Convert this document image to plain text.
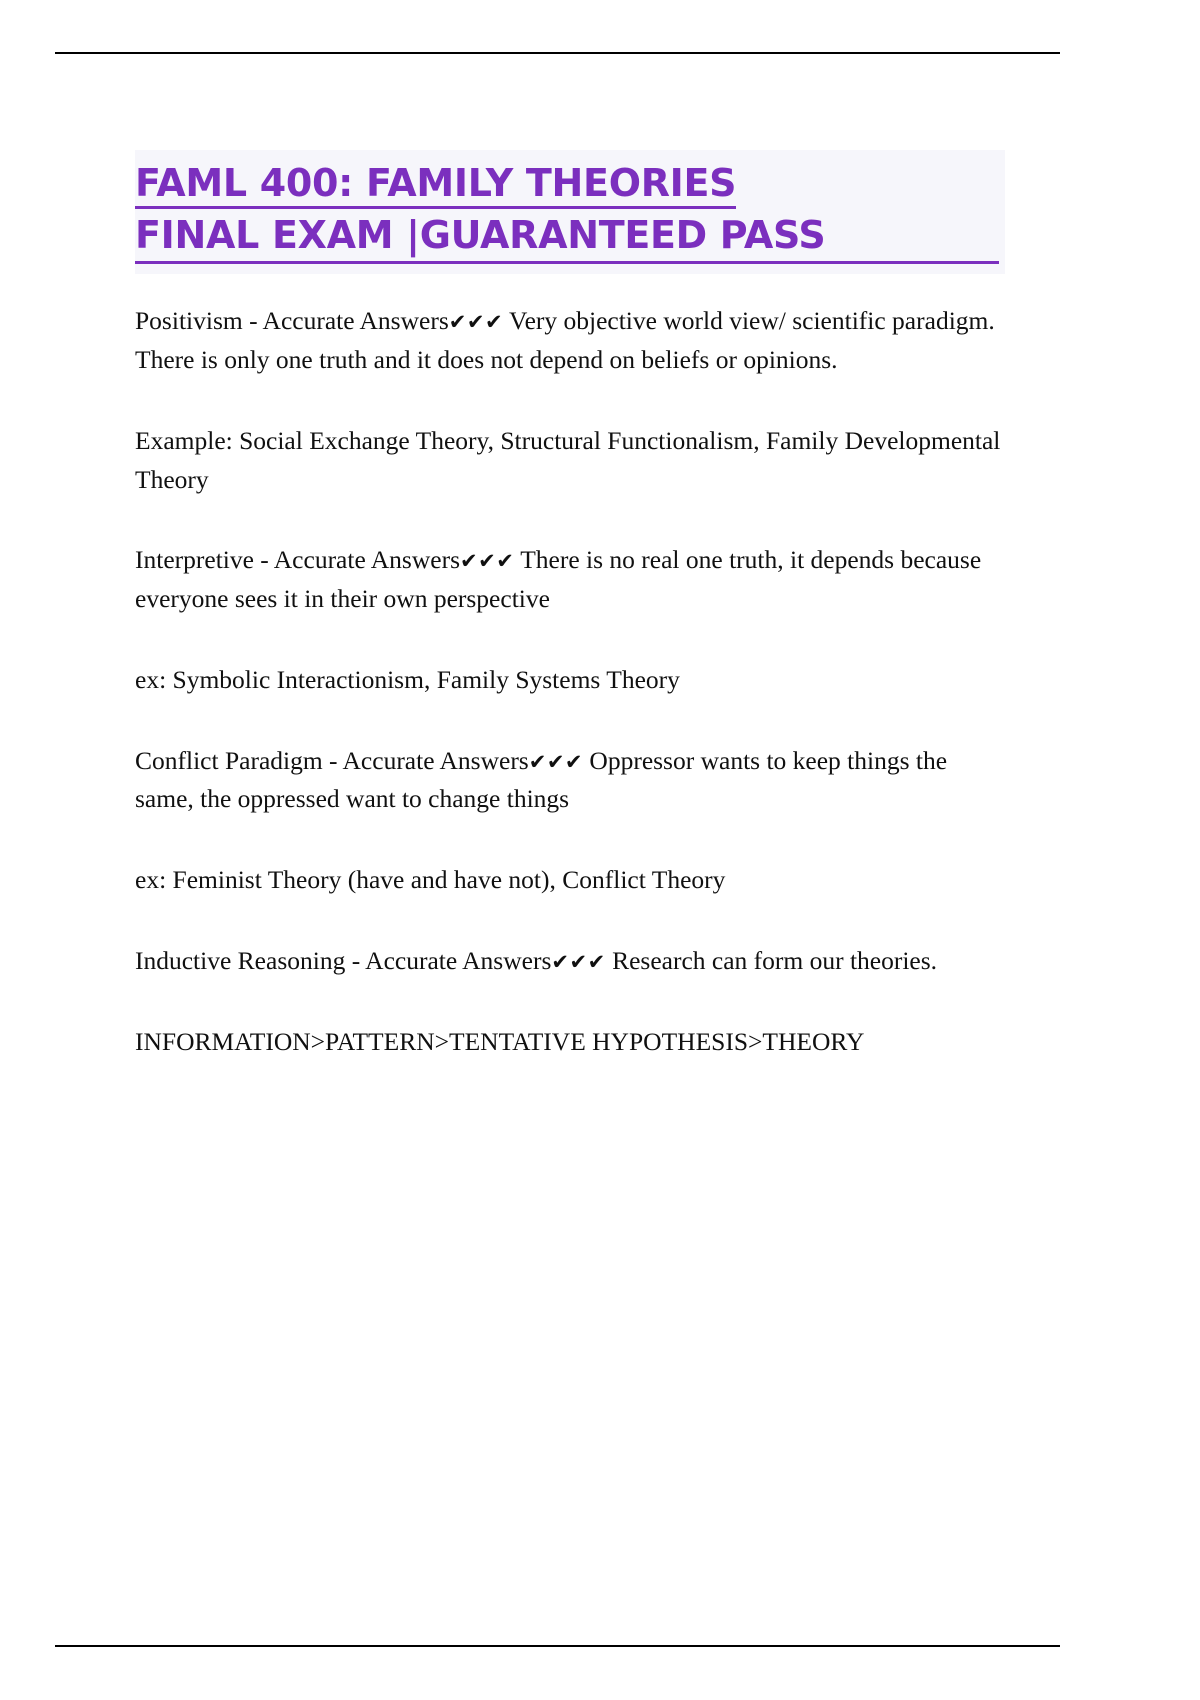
FAML 400: FAMILY THEORIES
FINAL EXAM |GUARANTEED PASS

Positivism - Accurate Answers✔✔✔ Very objective world view/ scientific paradigm. There is only one truth and it does not depend on beliefs or opinions.

Example: Social Exchange Theory, Structural Functionalism, Family Developmental Theory

Interpretive - Accurate Answers✔✔✔ There is no real one truth, it depends because everyone sees it in their own perspective

ex: Symbolic Interactionism, Family Systems Theory

Conflict Paradigm - Accurate Answers✔✔✔ Oppressor wants to keep things the same, the oppressed want to change things

ex: Feminist Theory (have and have not), Conflict Theory

Inductive Reasoning - Accurate Answers✔✔✔ Research can form our theories.

INFORMATION>PATTERN>TENTATIVE HYPOTHESIS>THEORY
